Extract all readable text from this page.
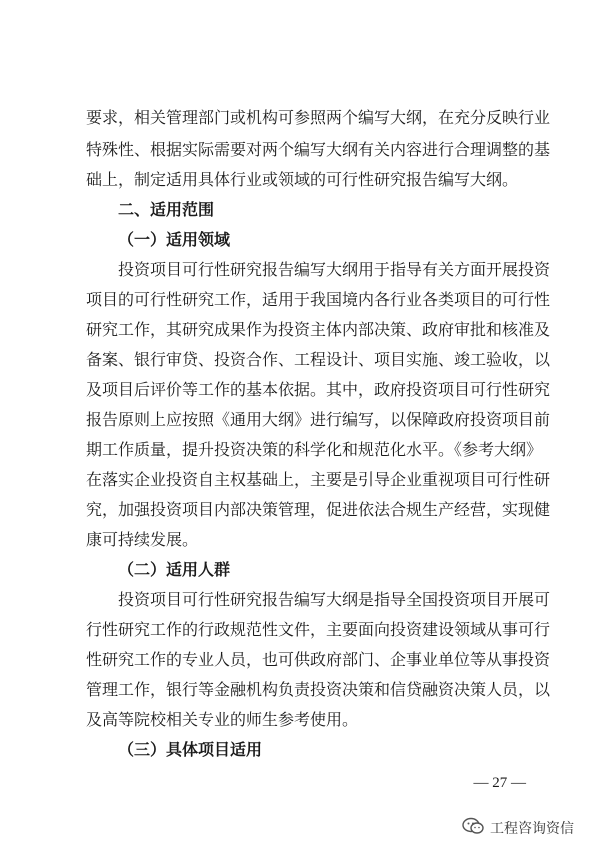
要求，相关管理部门或机构可参照两个编写大纲，在充分反映行业
特殊性、根据实际需要对两个编写大纲有关内容进行合理调整的基
础上，制定适用具体行业或领域的可行性研究报告编写大纲。
二、适用范围
（一）适用领域
投资项目可行性研究报告编写大纲用于指导有关方面开展投资
项目的可行性研究工作，适用于我国境内各行业各类项目的可行性
研究工作，其研究成果作为投资主体内部决策、政府审批和核准及
备案、银行审贷、投资合作、工程设计、项目实施、竣工验收，以
及项目后评价等工作的基本依据。其中，政府投资项目可行性研究
报告原则上应按照《通用大纲》进行编写，以保障政府投资项目前
期工作质量，提升投资决策的科学化和规范化水平。《参考大纲》
在落实企业投资自主权基础上，主要是引导企业重视项目可行性研
究，加强投资项目内部决策管理，促进依法合规生产经营，实现健
康可持续发展。
（二）适用人群
投资项目可行性研究报告编写大纲是指导全国投资项目开展可
行性研究工作的行政规范性文件，主要面向投资建设领域从事可行
性研究工作的专业人员，也可供政府部门、企事业单位等从事投资
管理工作，银行等金融机构负责投资决策和信贷融资决策人员，以
及高等院校相关专业的师生参考使用。
— 27 —
工程咨询资信
（三）具体项目适用
